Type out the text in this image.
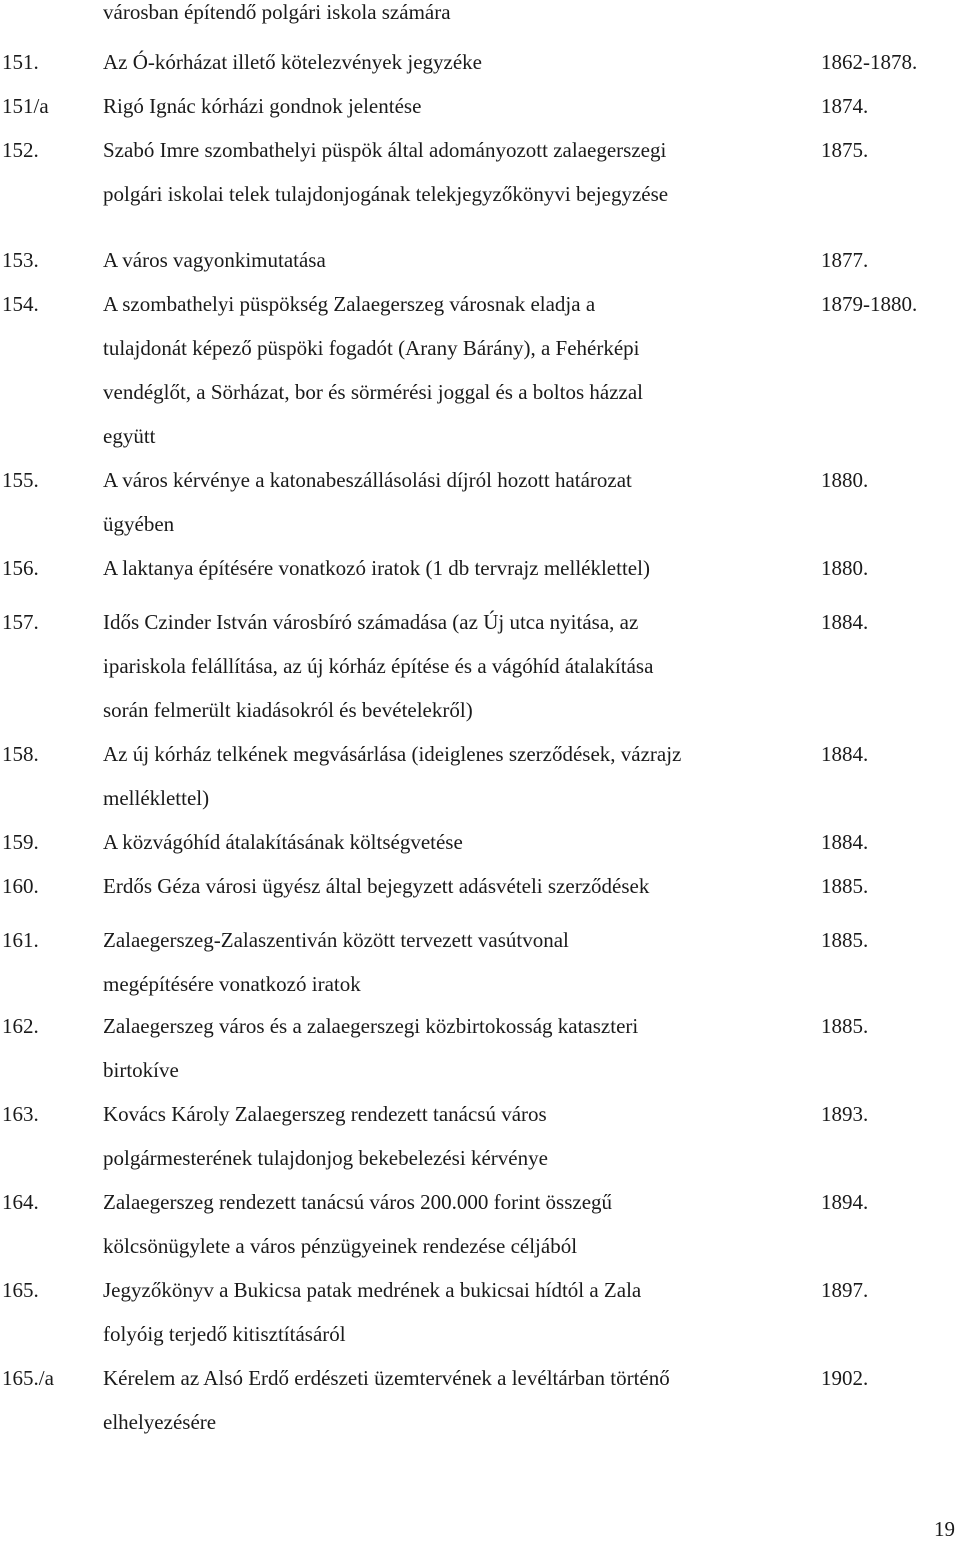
városban építendő polgári iskola számára
151.	Az Ó-kórházat illető kötelezvények jegyzéke	1862-1878.
151/a	Rigó Ignác kórházi gondnok jelentése	1874.
152.	Szabó Imre szombathelyi püspök által adományozott zalaegerszegi
polgári iskolai telek tulajdonjogának telekjegyzőkönyvi bejegyzése
1875.
153.	A város vagyonkimutatása	1877.
154.	A szombathelyi püspökség Zalaegerszeg városnak eladja a
tulajdonát képező püspöki fogadót (Arany Bárány), a Fehérképi
vendéglőt, a Sörházat, bor és sörmérési joggal és a boltos házzal
együtt
1879-1880.
155.	A város kérvénye a katonabeszállásolási díjról hozott határozat
ügyében
1880.
156.	A laktanya építésére vonatkozó iratok (1 db tervrajz melléklettel)	1880.
157.	Idős Czinder István városbíró számadása (az Új utca nyitása, az
ipariskola felállítása, az új kórház építése és a vágóhíd átalakítása
során felmerült kiadásokról és bevételekről)
1884.
158.	Az új kórház telkének megvásárlása (ideiglenes szerződések, vázrajz
melléklettel)
1884.
159.	A közvágóhíd átalakításának költségvetése	1884.
160.	Erdős Géza városi ügyész által bejegyzett adásvételi szerződések	1885.
161.	Zalaegerszeg-Zalaszentiván között tervezett vasútvonal
megépítésére vonatkozó iratok
1885.
162.	Zalaegerszeg város és a zalaegerszegi közbirtokosság kataszteri
birtokíve
1885.
163.	Kovács Károly Zalaegerszeg rendezett tanácsú város
polgármesterének tulajdonjog bekebelezési kérvénye
1893.
164.	Zalaegerszeg rendezett tanácsú város 200.000 forint összegű
kölcsönügylete a város pénzügyeinek rendezése céljából
1894.
165.	Jegyzőkönyv a Bukicsa patak medrének a bukicsai hídtól a Zala
folyóig terjedő kitisztításáról
1897.
165./a Kérelem az Alsó Erdő erdészeti üzemtervének a levéltárban történő
elhelyezésére
1902.
19
